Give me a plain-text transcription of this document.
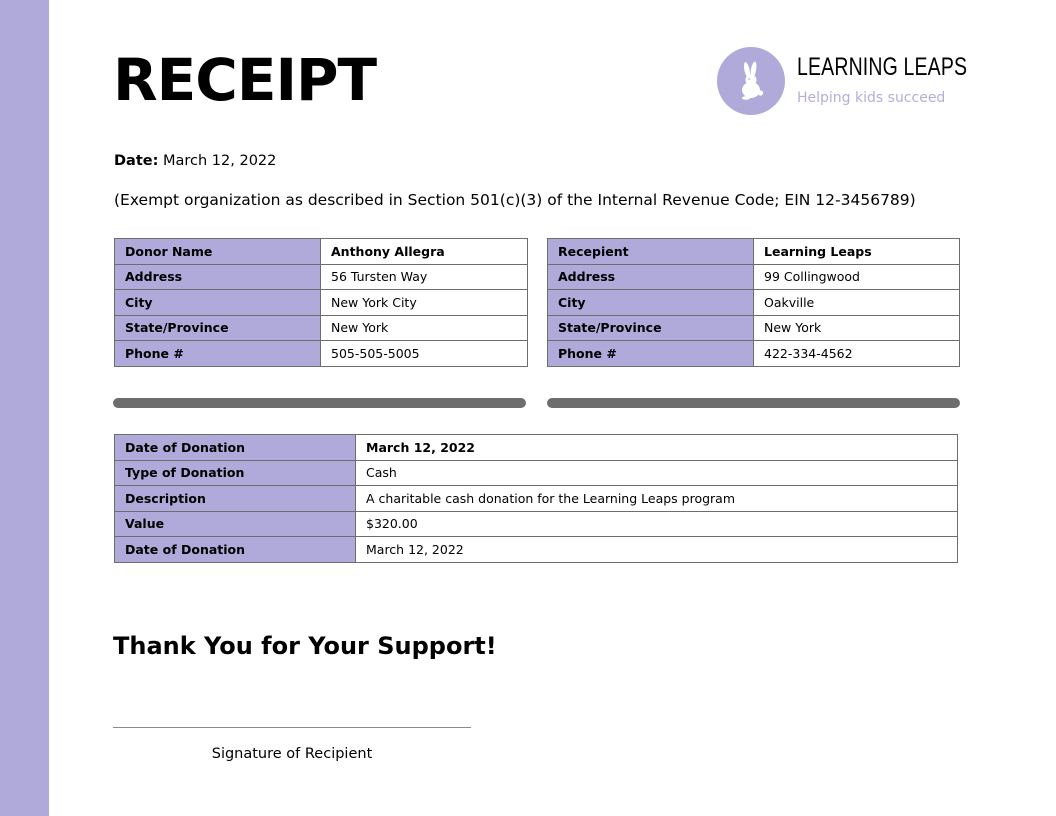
RECEIPT	LEARNING LEAPS
Helping kids succeed
Date: March 12, 2022
(Exempt organization as described in Section 501(c)(3) of the Internal Revenue Code; EIN 12-3456789)
Donor Name	Anthony Allegra
Address	56 Tursten Way
City	New York City
State/Province	New York
Phone #	505-505-5005
Recepient	Learning Leaps
Address	99 Collingwood
City	Oakville
State/Province	New York
Phone #	422-334-4562
Date of Donation	March 12, 2022
Type of Donation	Cash
Description	A charitable cash donation for the Learning Leaps program
Value	$320.00
Date of Donation	March 12, 2022
Thank You for Your Support!
Signature of Recipient
